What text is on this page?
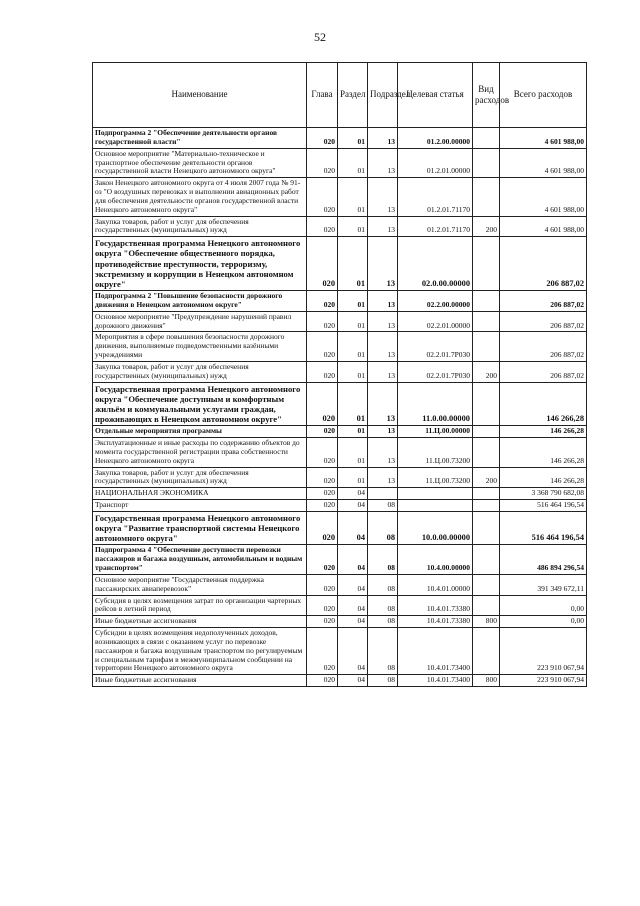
52
Наименование	Глава	Раздел	Подраздел	Целевая статья	Вид расходов	Всего расходов
Подпрограмма 2 "Обеспечение деятельности органов государственной власти"	020	01	13	01.2.00.00000		4 601 988,00
Основное мероприятие "Материально-техническое и транспортное обеспечение деятельности органов государственной власти Ненецкого автономного округа"	020	01	13	01.2.01.00000		4 601 988,00
Закон Ненецкого автономного округа от 4 июля 2007 года № 91-оз "О воздушных перевозках и выполнении авиационных работ для обеспечения деятельности органов государственной власти Ненецкого автономного округа"	020	01	13	01.2.01.71170		4 601 988,00
Закупка товаров, работ и услуг для обеспечения государственных (муниципальных) нужд	020	01	13	01.2.01.71170	200	4 601 988,00
Государственная программа Ненецкого автономного округа "Обеспечение общественного порядка, противодействие преступности, терроризму, экстремизму и коррупции в Ненецком автономном округе"	020	01	13	02.0.00.00000		206 887,02
Подпрограмма 2 "Повышение безопасности дорожного движения в Ненецком автономном округе"	020	01	13	02.2.00.00000		206 887,02
Основное мероприятие "Предупреждение нарушений правил дорожного движения"	020	01	13	02.2.01.00000		206 887,02
Мероприятия в сфере повышения безопасности дорожного движения, выполняемые подведомственными казёнными учреждениями	020	01	13	02.2.01.7Р030		206 887,02
Закупка товаров, работ и услуг для обеспечения государственных (муниципальных) нужд	020	01	13	02.2.01.7Р030	200	206 887,02
Государственная программа Ненецкого автономного округа "Обеспечение доступным и комфортным жильём и коммунальными услугами граждан, проживающих в Ненецком автономном округе"	020	01	13	11.0.00.00000		146 266,28
Отдельные мероприятия программы	020	01	13	11.Ц.00.00000		146 266,28
Эксплуатационные и иные расходы по содержанию объектов до момента государственной регистрации права собственности Ненецкого автономного округа	020	01	13	11.Ц.00.73200		146 266,28
Закупка товаров, работ и услуг для обеспечения государственных (муниципальных) нужд	020	01	13	11.Ц.00.73200	200	146 266,28
НАЦИОНАЛЬНАЯ ЭКОНОМИКА	020	04				3 368 790 682,08
Транспорт	020	04	08			516 464 196,54
Государственная программа Ненецкого автономного округа "Развитие транспортной системы Ненецкого автономного округа"	020	04	08	10.0.00.00000		516 464 196,54
Подпрограмма 4 "Обеспечение доступности перевозки пассажиров и багажа воздушным, автомобильным и водным транспортом"	020	04	08	10.4.00.00000		486 894 296,54
Основное мероприятие "Государственная поддержка пассажирских авиаперевозок"	020	04	08	10.4.01.00000		391 349 672,11
Субсидия в целях возмещения затрат по организации чартерных рейсов в летний период	020	04	08	10.4.01.73380		0,00
Иные бюджетные ассигнования	020	04	08	10.4.01.73380	800	0,00
Субсидии в целях возмещения недополученных доходов, возникающих в связи с оказанием услуг по перевозке пассажиров и багажа воздушным транспортом по регулируемым и специальным тарифам в межмуниципальном сообщении на территории Ненецкого автономного округа	020	04	08	10.4.01.73400		223 910 067,94
Иные бюджетные ассигнования	020	04	08	10.4.01.73400	800	223 910 067,94
